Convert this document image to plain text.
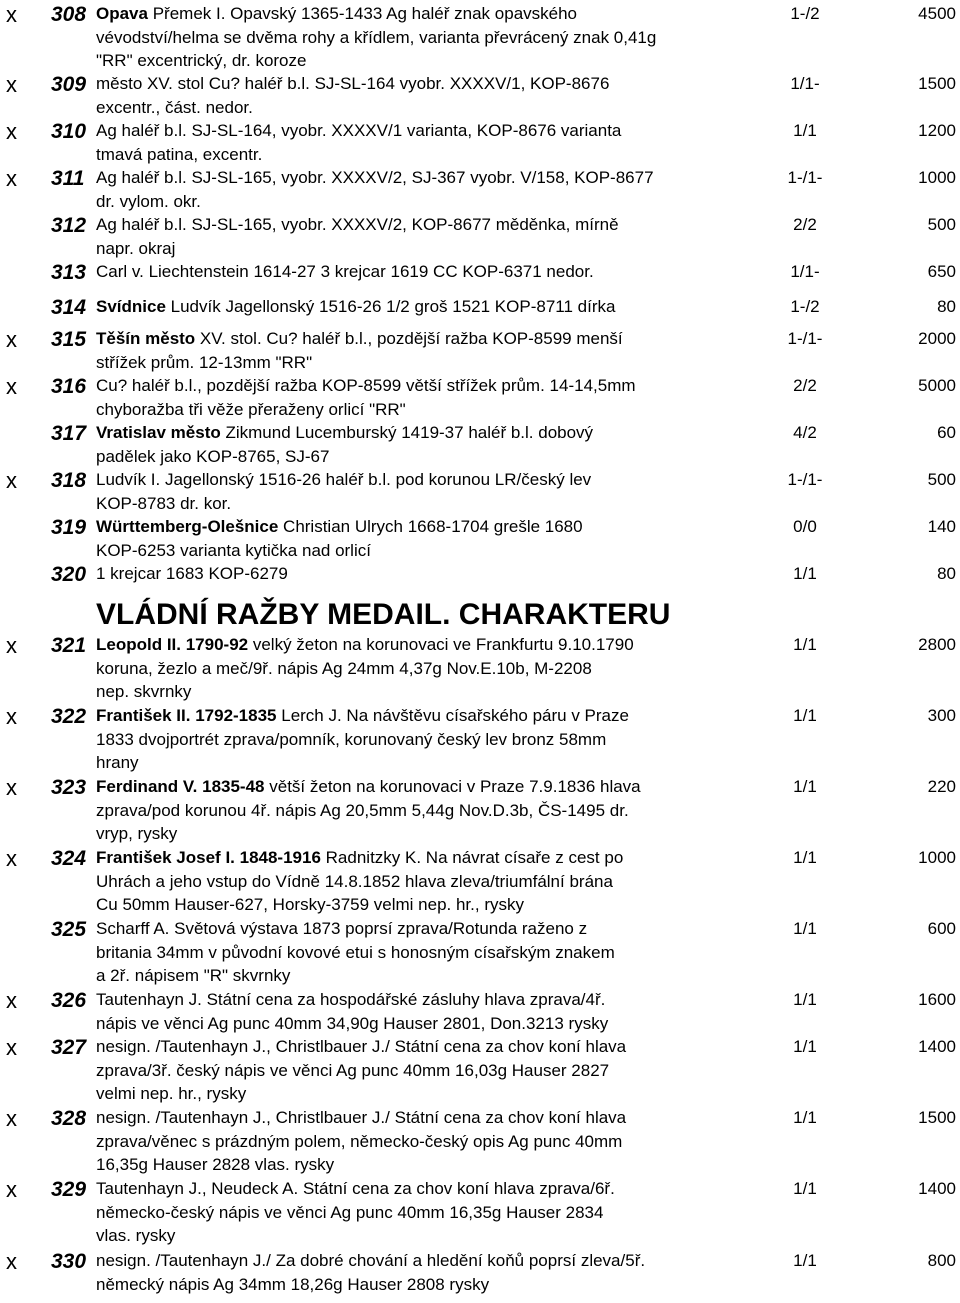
VLÁDNÍ RAŽBY MEDAIL. CHARAKTERU
x 308 Opava Přemek I. Opavský 1365-1433 Ag haléř znak opavského
vévodství/helma se dvěma rohy a křídlem, varianta převrácený znak 0,41g
"RR" excentrický, dr. koroze
1-/2	4500
x 309 město XV. stol Cu? haléř b.l. SJ-SL-164 vyobr. XXXXV/1, KOP-8676
excentr., část. nedor.
1/1-	1500
x 310 Ag haléř b.l. SJ-SL-164, vyobr. XXXXV/1 varianta, KOP-8676 varianta
tmavá patina, excentr.
1/1	1200
x 311 Ag haléř b.l. SJ-SL-165, vyobr. XXXXV/2, SJ-367 vyobr. V/158, KOP-8677
dr. vylom. okr.
1-/1-	1000
312 Ag haléř b.l. SJ-SL-165, vyobr. XXXXV/2, KOP-8677 měděnka, mírně
napr. okraj
2/2	500
313 Carl v. Liechtenstein 1614-27 3 krejcar 1619 CC KOP-6371 nedor.	1/1-	650
314 Svídnice Ludvík Jagellonský 1516-26 1/2 groš 1521 KOP-8711 dírka	1-/2	80
x 315 Těšín město XV. stol. Cu? haléř b.l., pozdější ražba KOP-8599 menší
střížek prům. 12-13mm "RR"
1-/1-	2000
x 316 Cu? haléř b.l., pozdější ražba KOP-8599 větší střížek prům. 14-14,5mm
chyboražba tři věže přeraženy orlicí "RR"
2/2	5000
317 Vratislav město Zikmund Lucemburský 1419-37 haléř b.l. dobový
padělek jako KOP-8765, SJ-67
4/2	60
x 318 Ludvík I. Jagellonský 1516-26 haléř b.l. pod korunou LR/český lev
KOP-8783 dr. kor.
1-/1-	500
319 Württemberg-Olešnice Christian Ulrych 1668-1704 grešle 1680
KOP-6253 varianta kytička nad orlicí
0/0	140
320 1 krejcar 1683 KOP-6279	1/1	80
x 321 Leopold II. 1790-92 velký žeton na korunovaci ve Frankfurtu 9.10.1790
koruna, žezlo a meč/9ř. nápis Ag 24mm 4,37g Nov.E.10b, M-2208
nep. skvrnky
1/1	2800
x 322 František II. 1792-1835 Lerch J. Na návštěvu císařského páru v Praze
1833 dvojportrét zprava/pomník, korunovaný český lev bronz 58mm
hrany
1/1	300
x 323 Ferdinand V. 1835-48 větší žeton na korunovaci v Praze 7.9.1836 hlava
zprava/pod korunou 4ř. nápis Ag 20,5mm 5,44g Nov.D.3b, ČS-1495 dr.
vryp, rysky
1/1	220
x 324 František Josef I. 1848-1916 Radnitzky K. Na návrat císaře z cest po
Uhrách a jeho vstup do Vídně 14.8.1852 hlava zleva/triumfální brána
Cu 50mm Hauser-627, Horsky-3759 velmi nep. hr., rysky
1/1	1000
325 Scharff A. Světová výstava 1873 poprsí zprava/Rotunda raženo z
britania 34mm v původní kovové etui s honosným císařským znakem
a 2ř. nápisem "R" skvrnky
1/1	600
x 326 Tautenhayn J. Státní cena za hospodářské zásluhy hlava zprava/4ř.
nápis ve věnci Ag punc 40mm 34,90g Hauser 2801, Don.3213 rysky
1/1	1600
x 327 nesign. /Tautenhayn J., Christlbauer J./ Státní cena za chov koní hlava
zprava/3ř. český nápis ve věnci Ag punc 40mm 16,03g Hauser 2827
velmi nep. hr., rysky
1/1	1400
x 328 nesign. /Tautenhayn J., Christlbauer J./ Státní cena za chov koní hlava
zprava/věnec s prázdným polem, německo-český opis Ag punc 40mm
16,35g Hauser 2828 vlas. rysky
1/1	1500
x 329 Tautenhayn J., Neudeck A. Státní cena za chov koní hlava zprava/6ř.
německo-český nápis ve věnci Ag punc 40mm 16,35g Hauser 2834
vlas. rysky
1/1	1400
x 330 nesign. /Tautenhayn J./ Za dobré chování a hledění koňů poprsí zleva/5ř.
německý nápis Ag 34mm 18,26g Hauser 2808 rysky
1/1	800
